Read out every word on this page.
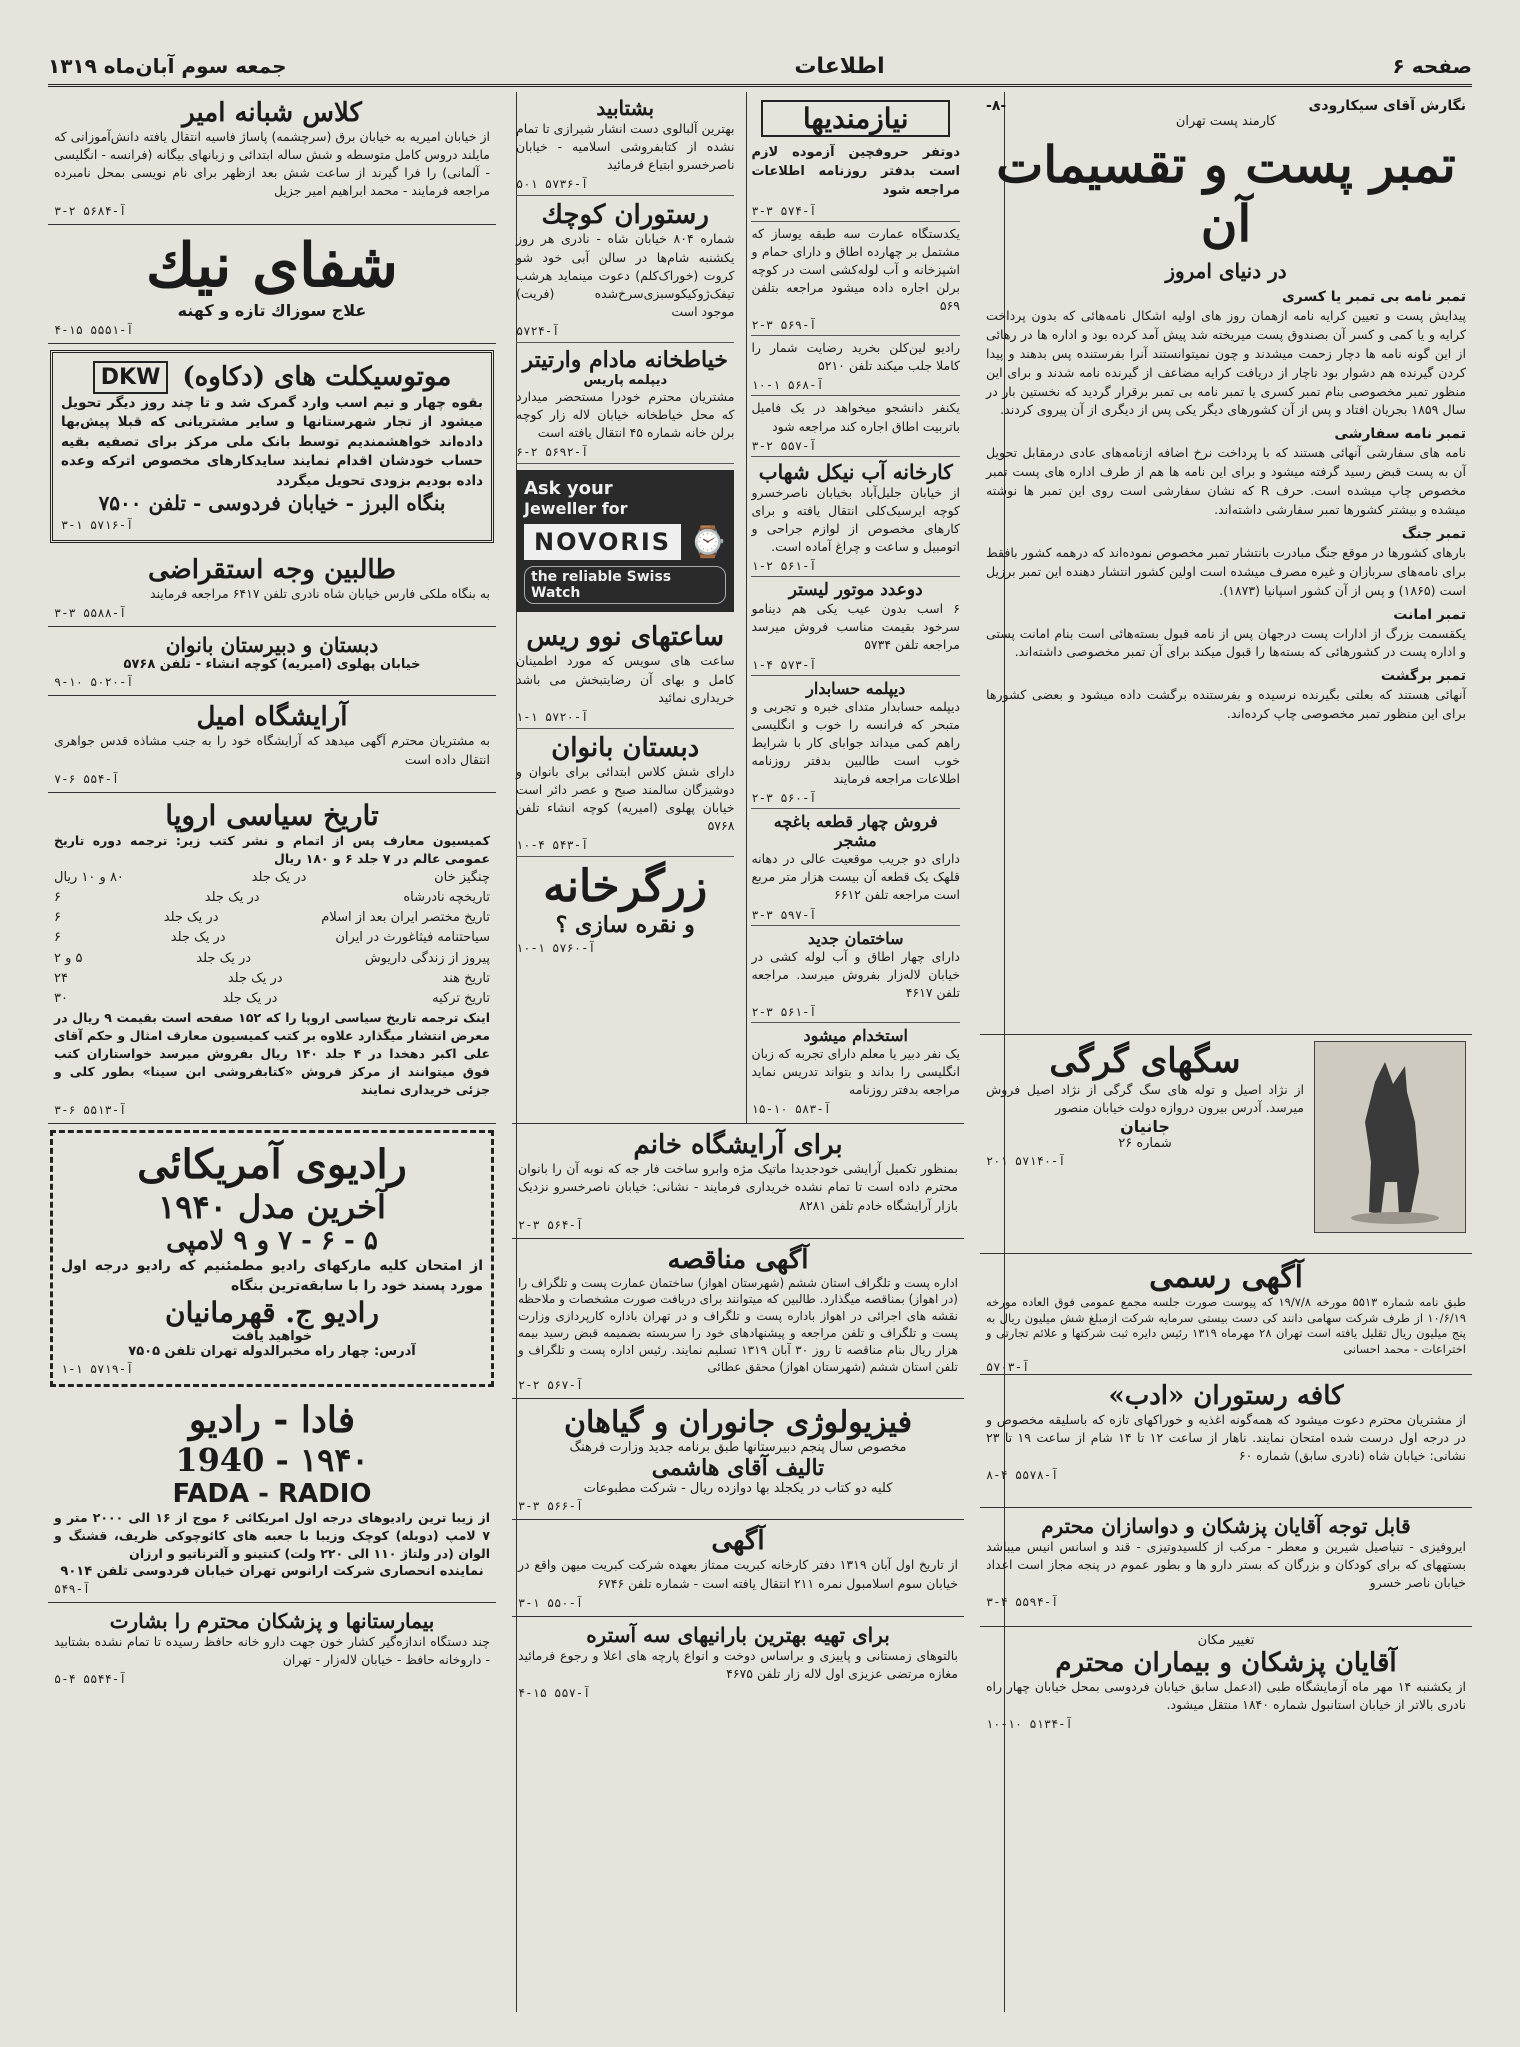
صفحه ۶
اطلاعات
جمعه سوم آبان‌ماه ۱۳۱۹
نگارش آقای سیکارودی
-۸-
کارمند پست تهران
تمبر پست و تقسیمات آن
در دنیای امروز
تمبر نامه بی تمبر یا کسری
پیدایش پست و تعیین کرایه نامه ازهمان روز های اولیه اشکال نامه‌هائی که بدون پرداخت کرایه و یا کمی و کسر آن بصندوق پست میریخته شد پیش آمد کرده بود و اداره ها در رهائی از این گونه نامه ها دچار زحمت میشدند و چون نمیتوانستند آنرا بفرستنده پس بدهند و پیدا کردن گیرنده هم دشوار بود ناچار از دریافت کرایه مضاعف از گیرنده نامه شدند و برای این منظور تمبر مخصوصی بنام تمبر کسری یا تمبر نامه بی تمبر برقرار گردید که نخستین بار در سال ۱۸۵۹ بجریان افتاد و پس از آن کشورهای دیگر یکی پس از دیگری از آن پیروی کردند.
تمبر نامه سفارشی
نامه های سفارشی آنهائی هستند که با پرداخت نرخ اضافه ازنامه‌های عادی درمقابل تحویل آن به پست قبض رسید گرفته میشود و برای این نامه ها هم از طرف اداره های پست تمبر مخصوص چاپ میشده است. حرف R که نشان سفارشی است روی این تمبر ها نوشته میشده و بیشتر کشورها تمبر سفارشی داشته‌اند.
تمبر جنگ
بارهای کشورها در موقع جنگ مبادرت بانتشار تمبر مخصوص نموده‌اند که درهمه کشور بافقط برای نامه‌های سربازان و غیره مصرف میشده است اولین کشور انتشار دهنده این تمبر برزیل است (۱۸۶۵) و پس از آن کشور اسپانیا (۱۸۷۳).
تمبر امانت
یکقسمت بزرگ از ادارات پست درجهان پس از نامه قبول بسته‌هائی است بنام امانت پستی و اداره پست در کشورهائی که بسته‌ها را قبول میکند برای آن تمبر مخصوصی داشته‌اند.
تمبر برگشت
آنهائی هستند که بعلتی بگیرنده نرسیده و بفرستنده برگشت داده میشود و بعضی کشورها برای این منظور تمبر مخصوصی چاپ کرده‌اند.
سگهای گرگی
از نژاد اصیل و توله های سگ گرگی از نژاد اصیل فروش میرسد. آدرس بیرون دروازه دولت خیابان منصور
جانیان
شماره ۲۶
آ-۵۷۱۴۰ ۲۰۱
آگهی رسمی
طبق نامه شماره ۵۵۱۳ مورخه ۱۹/۷/۸ که پیوست صورت جلسه مجمع عمومی فوق العاده مورخه ۱۰/۶/۱۹ از طرف شرکت سهامی دانند کی دست بیستی سرمایه شرکت ازمبلغ شش میلیون ریال به پنج میلیون ریال تقلیل یافته است تهران ۲۸ مهرماه ۱۳۱۹ رئیس دایره ثبت شرکتها و علائم تجارتی و اختراعات - محمد احسانی
آ-۵۷۰۳
کافه رستوران «ادب»
از مشتریان محترم دعوت میشود که همه‌گونه اغذیه و خوراکهای تازه که باسلیقه مخصوص و در درجه اول درست شده امتحان نمایند. ناهار از ساعت ۱۲ تا ۱۴ شام از ساعت ۱۹ تا ۲۳ نشانی: خیابان شاه (نادری سابق) شماره ۶۰
آ-۵۵۷۸ ۴-۸
قابل توجه آقایان پزشکان و دواسازان محترم
ایروفیزی - تنیاصیل شیرین و معطر - مرکب از کلسیدوتیزی - قند و اسانس انیس میباشد بستههای که برای کودکان و بزرگان که بستر دارو ها و بطور عموم در پنجه مجاز است اعداد خیابان ناصر خسرو
آ-۵۵۹۴ ۴-۳
تغییر مکان
آقایان پزشکان و بیماران محترم
از یکشنبه ۱۴ مهر ماه آزمایشگاه طبی (ادعمل سابق خیابان فردوسی بمحل خیابان چهار راه نادری بالاتر از خیابان استانبول شماره ۱۸۴۰ منتقل میشود.
آ-۵۱۳۴ ۱۰-۱۰
نیازمندیها
دوتفر حروفچین آزموده لازم است بدفتر روزنامه اطلاعات مراجعه شود
آ-۵۷۴ ۳-۳
یکدستگاه عمارت سه طبقه یوساز که مشتمل بر چهارده اطاق و دارای حمام و اشپزخانه و آب لوله‌کشی است در کوچه برلن اجاره داده میشود مراجعه بتلفن ۵۶۹
آ-۵۶۹ ۳-۲
رادیو لین‌کلن بخرید رضایت شمار را کاملا جلب میکند تلفن ۵۲۱۰
آ-۵۶۸ ۱-۱۰
یکنفر دانشجو میخواهد در یک فامیل باتربیت اطاق اجاره کند مراجعه شود
آ-۵۵۷ ۲-۳
کارخانه آب نیکل شهاب
از خیابان جلیل‌آباد بخیابان ناصرخسرو کوچه ایرسیک‌کلی انتقال یافته و برای کارهای مخصوص از لوازم جراحی و اتومبیل و ساعت و چراغ آماده است.
آ-۵۶۱ ۲-۱
دوعدد موتور لیستر
۶ اسب بدون عیب یکی هم دینامو سرخود بقیمت مناسب فروش میرسد مراجعه تلفن ۵۷۳۴
آ-۵۷۳ ۴-۱
دیپلمه حسابدار
دیپلمه حسابدار متدای خبره و تجربی و متبحر که فرانسه را خوب و انگلیسی راهم کمی میداند جوابای کار با شرایط خوب است طالبین بدفتر روزنامه اطلاعات مراجعه فرمایند
آ-۵۶۰ ۳-۲
فروش چهار قطعه باغچه مشجر
دارای دو جریب موقعیت عالی در دهانه قلهک یک قطعه آن بیست هزار متر مربع است مراجعه تلفن ۶۶۱۲
آ-۵۹۷ ۳-۳
ساختمان جدید
دارای چهار اطاق و آب لوله کشی در خیابان لاله‌زار بفروش میرسد. مراجعه تلفن ۴۶۱۷
آ-۵۶۱ ۳-۲
استخدام میشود
یک نفر دبیر یا معلم دارای تجربه که زبان انگلیسی را بداند و بتواند تدریس نماید مراجعه بدفتر روزنامه
آ-۵۸۳ ۱۰-۱۵
بشتابید
بهترین آلبالوی دست انشار شیرازی تا تمام نشده از کتابفروشی اسلامیه - خیابان ناصرخسرو ابتیاع فرمائید
آ-۵۷۳۶ ۵۰۱
رستوران کوچك
شماره ۸۰۴ خیابان شاه - نادری هر روز یکشنبه شام‌ها در سالن آبی خود شو کروت (خوراک‌کلم) دعوت مینماید هرشب تیفک‌ژوکیکوسبزی‌سرخ‌شده (فریت) موجود است
آ-۵۷۲۴
خیاطخانه مادام وارتیتر
دیپلمه پاریس
مشتریان محترم خودرا مستحضر میدارد که محل خیاطخانه خیابان لاله زار کوچه برلن خانه شماره ۴۵ انتقال یافته است
آ-۵۶۹۲ ۲-۶
Ask your
Jeweller for
NOVORIS ⌚
the reliable Swiss Watch
ساعتهای نوو ریس
ساعت های سویس که مورد اطمینان کامل و بهای آن رضایتبخش می باشد خریداری نمائید
آ-۵۷۲۰ ۱-۱
دبستان بانوان
دارای شش کلاس ابتدائی برای بانوان و دوشیزگان سالمند صبح و عصر دائر است خیابان پهلوی (امیریه) کوچه انشاء تلفن ۵۷۶۸
آ-۵۴۳ ۴-۱۰
زرگرخانه
و نقره سازی ؟
آ-۵۷۶۰ ۱-۱۰
برای آرایشگاه خانم
بمنظور تکمیل آرایشی خودجدیدا ماتیک مژه وابرو ساخت فار جه که نوبه آن را بانوان محترم داده است تا تمام نشده خریداری فرمایند - نشانی: خیابان ناصرخسرو نزدیک بازار آرایشگاه خادم تلفن ۸۲۸۱
آ-۵۶۴ ۳-۲
آگهی مناقصه
اداره پست و تلگراف استان ششم (شهرستان اهواز) ساختمان عمارت پست و تلگراف را (در اهواز) بمناقصه میگذارد. طالبین که میتوانند برای دریافت صورت مشخصات و ملاحظه نقشه های اجرائی در اهواز باداره پست و تلگراف و در تهران باداره کارپردازی وزارت پست و تلگراف و تلفن مراجعه و پیشنهادهای خود را سربسته بضمیمه قبض رسید بیمه هزار ریال بنام مناقصه تا روز ۳۰ آبان ۱۳۱۹ تسلیم نمایند. رئیس اداره پست و تلگراف و تلفن استان ششم (شهرستان اهواز) محقق عطائی
آ-۵۶۷ ۲-۲
فیزیولوژی جانوران و گیاهان
مخصوص سال پنجم دبیرستانها طبق برنامه جدید وزارت فرهنگ
تالیف آقای هاشمی
کلیه دو کتاب در یکجلد بها دوازده ریال - شرکت مطبوعات
آ-۵۶۶ ۳-۳
آگهی
از تاریخ اول آبان ۱۳۱۹ دفتر کارخانه کبریت ممتاز بعهده شرکت کبریت میهن واقع در خیابان سوم اسلامبول نمره ۲۱۱ انتقال یافته است - شماره تلفن ۶۷۴۶
آ-۵۵۰ ۱-۳
برای تهیه بهترین بارانیهای سه آستره
بالتوهای زمستانی و پاییزی و براساس دوخت و انواع پارچه های اعلا و رجوع فرمائید مغازه مرتضی عزیزی اول لاله زار تلفن ۴۶۷۵
آ-۵۵۷ ۱۵-۴
کلاس شبانه امیر
از خیابان امیریه به خیابان برق (سرچشمه) پاساژ فاسیه انتقال یافته دانش‌آموزانی که مایلند دروس کامل متوسطه و شش ساله ابتدائی و زبانهای بیگانه (فرانسه - انگلیسی - آلمانی) را فرا گیرند از ساعت شش بعد ازظهر برای نام نویسی بمحل نامبرده مراجعه فرمایند - محمد ابراهیم امیر جزیل
آ-۵۶۸۴ ۲-۳
شفای نیك
علاج سوزاك تازه و کهنه
آ-۵۵۵۱ ۱۵-۴
موتوسیکلت های (دکاوه)
DKW
بقوه چهار و نیم اسب وارد گمرک شد و تا چند روز دیگر تحویل میشود از تجار شهرستانها و سایر مشتریانی که قبلا پیش‌بها داده‌اند خواهشمندیم توسط بانک ملی مرکز برای تصفیه بقیه حساب خودشان اقدام نمایند سایدکارهای مخصوص اترکه وعده داده بودیم بزودی تحویل میگردد
بنگاه البرز - خیابان فردوسی - تلفن ۷۵۰۰
آ-۵۷۱۶ ۱-۳
طالبین وجه استقراضی
به بنگاه ملکی فارس خیابان شاه نادری تلفن ۶۴۱۷ مراجعه فرمایند
آ-۵۵۸۸ ۳-۳
دبستان و دبیرستان بانوان
خیابان پهلوی (امیریه) کوچه انشاء - تلفن ۵۷۶۸
آ-۵۰۲۰ ۱۰-۹
آرایشگاه امیل
به مشتریان محترم آگهی میدهد که آرایشگاه خود را به جنب مشاذه قدس جواهری انتقال داده است
آ-۵۵۴ ۶-۷
تاریخ سیاسی اروپا
کمیسیون معارف پس از اتمام و نشر کتب زیر: ترجمه دوره تاریخ عمومی عالم در ۷ جلد ۶ و ۱۸۰ ریال
چنگیز خان
در یک جلد
۸۰ و ۱۰ ریال
تاریخچه نادرشاه
در یک جلد
۶
تاریخ مختصر ایران بعد از اسلام
در یک جلد
۶
سیاحتنامه فیثاغورث در ایران
در یک جلد
۶
پیروز از زندگی داریوش
در یک جلد
۵ و ۲
تاریخ هند
در یک جلد
۲۴
تاریخ ترکیه
در یک جلد
۳۰
اینک ترجمه تاریخ سیاسی اروپا را که ۱۵۲ صفحه است بقیمت ۹ ریال در معرض انتشار میگذارد علاوه بر کتب کمیسیون معارف امثال و حکم آقای علی اکبر دهخدا در ۴ جلد ۱۴۰ ریال بفروش میرسد خواستاران کتب فوق میتوانند از مرکز فروش «کتابفروشی ابن سینا» بطور کلی و جزئی خریداری نمایند
آ-۵۵۱۳ ۶-۳
رادیوی آمریکائی
آخرین مدل ۱۹۴۰
۵ - ۶ - ۷ و ۹ لامپی
از امتحان کلیه مارکهای رادیو مطمئنیم که رادیو درجه اول مورد پسند خود را با سابقه‌ترین بنگاه
رادیو ج. قهرمانیان
خواهید یافت
آدرس: چهار راه مخبرالدوله تهران تلفن ۷۵۰۵
آ-۵۷۱۹ ۱-۱
فادا - رادیو
۱۹۴۰ - 1940
FADA - RADIO
از زیبا ترین رادیوهای درجه اول امریکائی ۶ موج از ۱۶ الی ۲۰۰۰ متر و ۷ لامپ (دوبله) کوچک وزیبا با جعبه های کائوچوکی ظریف، قشنگ و الوان (در ولتاژ ۱۱۰ الی ۲۲۰ ولت) کنتینو و آلترناتیو و ارزان
نماینده انحصاری شرکت ارانوس تهران خیابان فردوسی تلفن ۹۰۱۴
آ-۵۴۹
بیمارستانها و پزشکان محترم را بشارت
چند دستگاه اندازه‌گیر کشار خون جهت دارو خانه حافظ رسیده تا تمام نشده بشتابید - داروخانه حافظ - خیابان لاله‌زار - تهران
آ-۵۵۴۴ ۴-۵
